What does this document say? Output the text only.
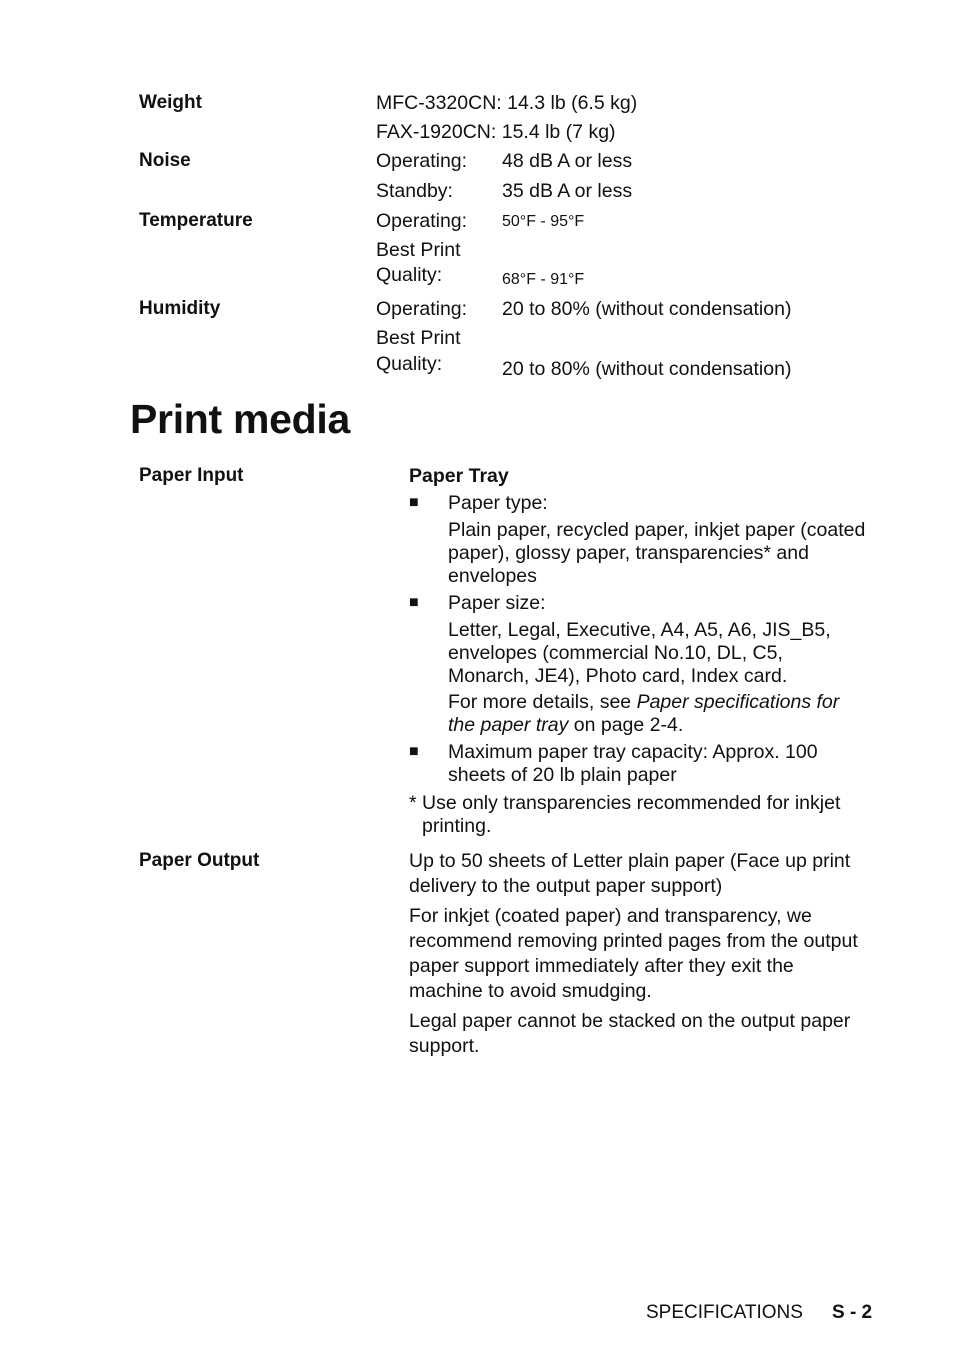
Weight	MFC-3320CN: 14.3 lb (6.5 kg)
FAX-1920CN: 15.4 lb (7 kg)
Noise	Operating: 48 dB A or less
Standby:	35 dB A or less
Temperature	Operating: 50°F - 95°F
Best Print
Quality:	68°F - 91°F
Humidity	Operating: 20 to 80% (without condensation)
Best Print
Quality:	20 to 80% (without condensation)
Print media
Paper Input	Paper Tray
■ Paper type:
Plain paper, recycled paper, inkjet paper (coated paper), glossy paper, transparencies* and envelopes
■ Paper size:
Letter, Legal, Executive, A4, A5, A6, JIS_B5, envelopes (commercial No.10, DL, C5, Monarch, JE4), Photo card, Index card.
For more details, see Paper specifications for the paper tray on page 2-4.
■ Maximum paper tray capacity: Approx. 100 sheets of 20 lb plain paper
* Use only transparencies recommended for inkjet printing.
Paper Output	Up to 50 sheets of Letter plain paper (Face up print delivery to the output paper support)
For inkjet (coated paper) and transparency, we recommend removing printed pages from the output paper support immediately after they exit the machine to avoid smudging.
Legal paper cannot be stacked on the output paper support.
SPECIFICATIONS S - 2
